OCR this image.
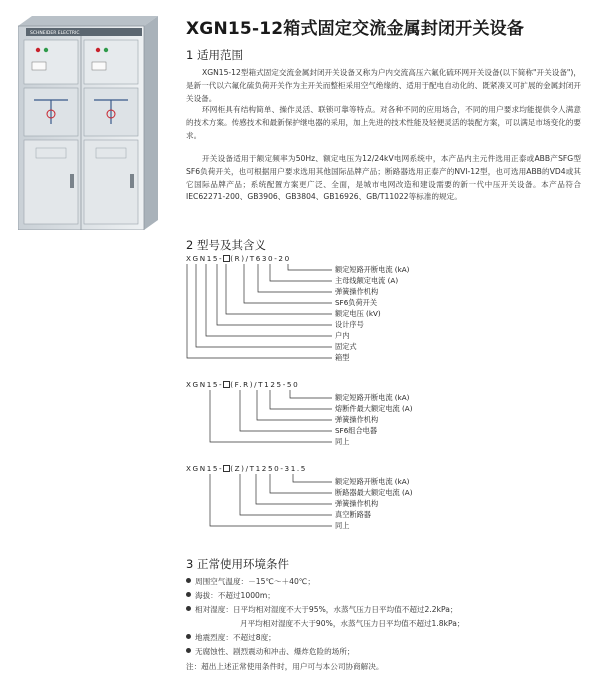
SCHNEIDER ELECTRIC	XGN15-12箱式固定交流金属封闭开关设备
1 适用范围

XGN15-12型箱式固定交流金属封闭开关设备又称为户内交流高压六氟化硫环网开关设备(以下简称"开关设备")，是新一代以六氟化硫负荷开关作为主开关而整柜采用空气绝缘的、适用于配电自动化的、既紧凑又可扩展的金属封闭开关设备。

环网柜具有结构简单、操作灵活、联锁可靠等特点。对各种不同的应用场合，不同的用户要求均能提供令人满意的技术方案。传感技术和最新保护继电器的采用，加上先进的技术性能及轻便灵活的装配方案，可以满足市场变化的要求。

开关设备适用于额定频率为50Hz、额定电压为12/24kV电网系统中，本产品内主元件选用正泰或ABB产SFG型SF6负荷开关，也可根据用户要求选用其他国际品牌产品；断路器选用正泰产的NVI-12型，也可选用ABB的VD4或其它国际品牌产品；系统配置方案更广泛、全面，是城市电网改造和建设需要的新一代中压开关设备。本产品符合IEC62271-200、GB3906、GB3804、GB16926、GB/T11022等标准的规定。

2 型号及其含义
XGN15- (R)/T630-20
额定短路开断电流 (kA)
主母线额定电流 (A)
弹簧操作机构
SF6负荷开关
额定电压 (kV)
设计序号
户内
固定式
箱型
XGN15- (F.R)/T125-50
额定短路开断电流 (kA)
熔断件最大额定电流 (A)
弹簧操作机构
SF6组合电器
同上
XGN15- (Z)/T1250-31.5
额定短路开断电流 (kA)
断路器最大额定电流 (A)
弹簧操作机构
真空断路器
同上
3 正常使用环境条件
周围空气温度：－15℃～＋40℃；
海拔：不超过1000m；
相对湿度：日平均相对湿度不大于95%，水蒸气压力日平均值不超过2.2kPa；
月平均相对湿度不大于90%，水蒸气压力日平均值不超过1.8kPa；
地震烈度：不超过8度；
无腐蚀性、剧烈震动和冲击、爆炸危险的场所；
注：超出上述正常使用条件时，用户可与本公司协商解决。
